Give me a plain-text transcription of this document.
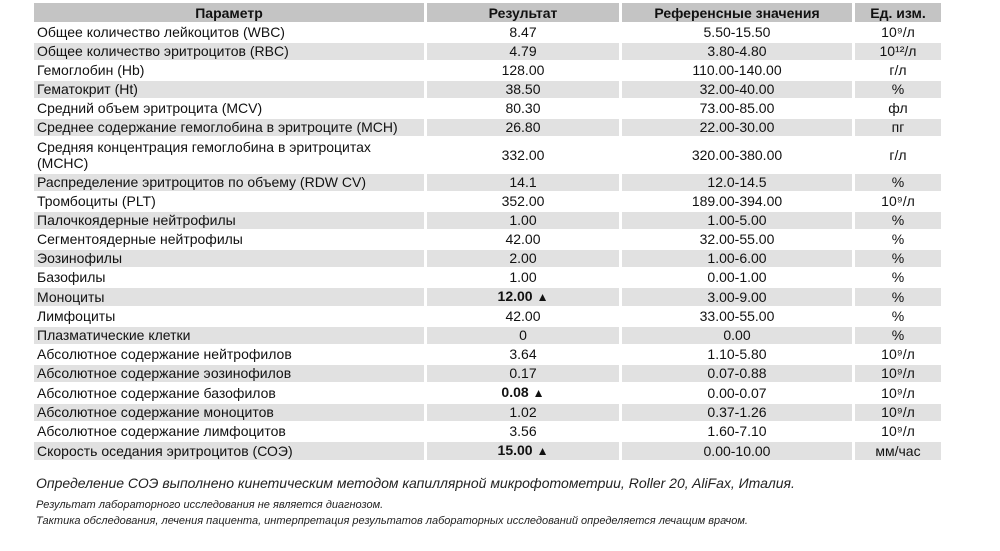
Параметр	Результат	Референсные значения	Ед. изм.
Общее количество лейкоцитов (WBC)	8.47	5.50-15.50	10⁹/л
Общее количество эритроцитов (RBC)	4.79	3.80-4.80	10¹²/л
Гемоглобин (Hb)	128.00	110.00-140.00	г/л
Гематокрит (Ht)	38.50	32.00-40.00	%
Средний объем эритроцита (MCV)	80.30	73.00-85.00	фл
Среднее содержание гемоглобина в эритроците (MCH)	26.80	22.00-30.00	пг
Средняя концентрация гемоглобина в эритроцитах (MCHC)	332.00	320.00-380.00	г/л
Распределение эритроцитов по объему (RDW CV)	14.1	12.0-14.5	%
Тромбоциты (PLT)	352.00	189.00-394.00	10⁹/л
Палочкоядерные нейтрофилы	1.00	1.00-5.00	%
Сегментоядерные нейтрофилы	42.00	32.00-55.00	%
Эозинофилы	2.00	1.00-6.00	%
Базофилы	1.00	0.00-1.00	%
Моноциты	12.00 ▲	3.00-9.00	%
Лимфоциты	42.00	33.00-55.00	%
Плазматические клетки	0	0.00	%
Абсолютное содержание нейтрофилов	3.64	1.10-5.80	10⁹/л
Абсолютное содержание эозинофилов	0.17	0.07-0.88	10⁹/л
Абсолютное содержание базофилов	0.08 ▲	0.00-0.07	10⁹/л
Абсолютное содержание моноцитов	1.02	0.37-1.26	10⁹/л
Абсолютное содержание лимфоцитов	3.56	1.60-7.10	10⁹/л
Скорость оседания эритроцитов (СОЭ)	15.00 ▲	0.00-10.00	мм/час
Определение СОЭ выполнено кинетическим методом капиллярной микрофотометрии, Roller 20, AliFax, Италия.
Результат лабораторного исследования не является диагнозом.
Тактика обследования, лечения пациента, интерпретация результатов лабораторных исследований определяется лечащим врачом.
